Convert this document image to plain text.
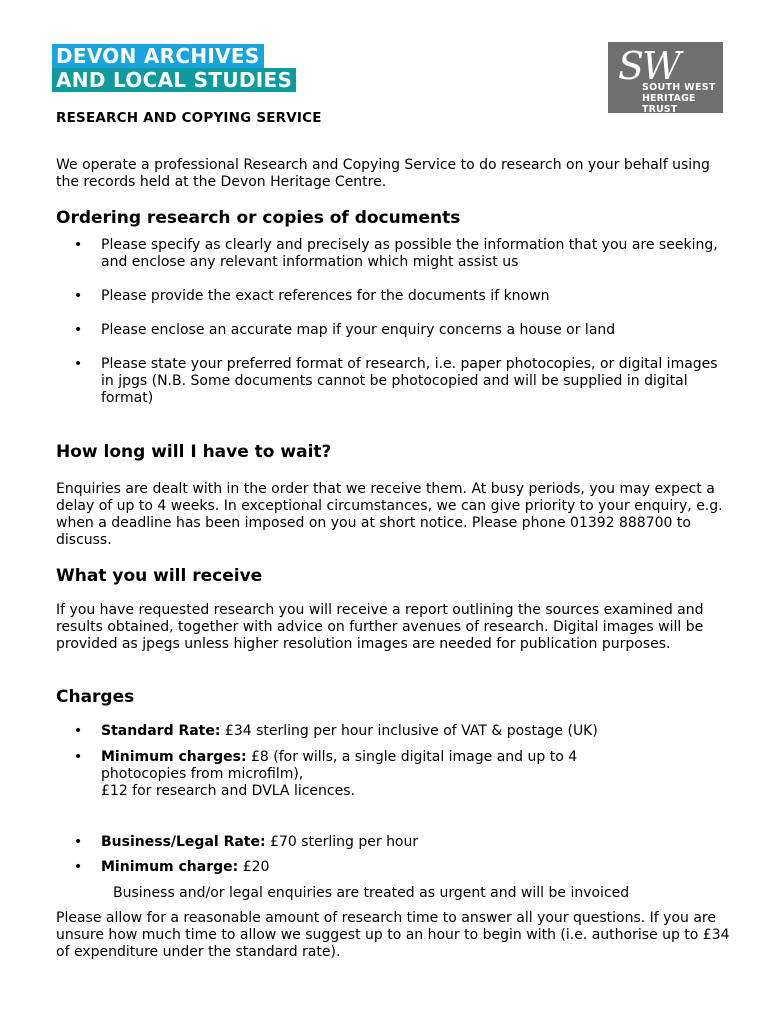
DEVON ARCHIVES
AND LOCAL STUDIES	SW
SOUTH WEST
HERITAGE TRUST
RESEARCH AND COPYING SERVICE

We operate a professional Research and Copying Service to do research on your behalf using the records held at the Devon Heritage Centre.

Ordering research or copies of documents
• Please specify as clearly and precisely as possible the information that you are seeking, and enclose any relevant information which might assist us
• Please provide the exact references for the documents if known
• Please enclose an accurate map if your enquiry concerns a house or land
• Please state your preferred format of research, i.e. paper photocopies, or digital images in jpgs (N.B. Some documents cannot be photocopied and will be supplied in digital format)
How long will I have to wait?

Enquiries are dealt with in the order that we receive them. At busy periods, you may expect a delay of up to 4 weeks. In exceptional circumstances, we can give priority to your enquiry, e.g. when a deadline has been imposed on you at short notice. Please phone 01392 888700 to discuss.

What you will receive

If you have requested research you will receive a report outlining the sources examined and results obtained, together with advice on further avenues of research. Digital images will be provided as jpegs unless higher resolution images are needed for publication purposes.

Charges
• Standard Rate: £34 sterling per hour inclusive of VAT & postage (UK)
• Minimum charges: £8 (for wills, a single digital image and up to 4 photocopies from microfilm),
£12 for research and DVLA licences.
• Business/Legal Rate: £70 sterling per hour
• Minimum charge: £20

Business and/or legal enquiries are treated as urgent and will be invoiced

Please allow for a reasonable amount of research time to answer all your questions. If you are unsure how much time to allow we suggest up to an hour to begin with (i.e. authorise up to £34 of expenditure under the standard rate).
